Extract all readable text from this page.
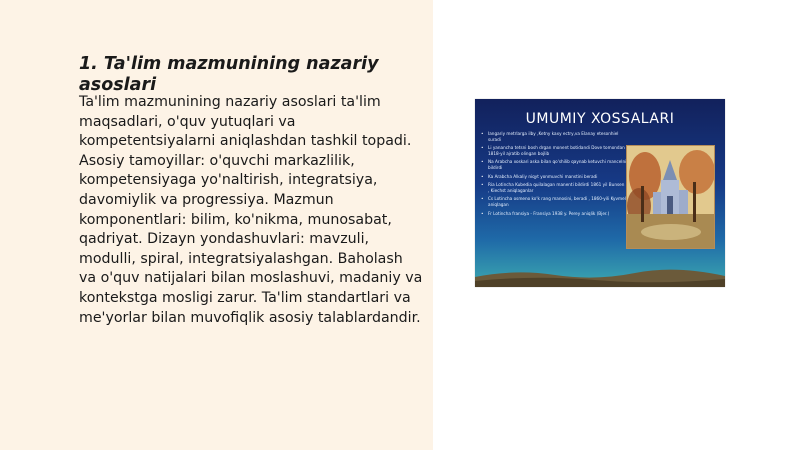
1. Ta'lim mazmunining nazariy asoslari

Ta'lim mazmunining nazariy asoslari ta'lim maqsadlari, o'quv yutuqlari va kompetentsiyalarni aniqlashdan tashkil topadi. Asosiy tamoyillar: o'quvchi markazlilik, kompetensiyaga yo'naltirish, integratsiya, davomiylik va progressiya. Mazmun komponentlari: bilim, ko'nikma, munosabat, qadriyat. Dizayn yondashuvlari: mavzuli, modulli, spiral, integratsiyalashgan. Baholash va o'quv natijalari bilan moslashuvi, madaniy va kontekstga mosligi zarur. Ta'lim standartlari va me'yorlar bilan muvofiqlik asosiy talablardandir.

UMUMIY XOSSALARI
• Iangariy metrlarga ilby ,Ketny kaxy ectry,va Elanay etesonhiel suradi
• Li yanancha tetsni bosh drgan monent botidandi Dove tomondan 1818-yil ajratib olingan bojlib
• Na Arabcha xoskari aska bilan qo'shilib qaynab ketuvchi mancelni bildirdi
• Ka Arabcha Alkaliy niqyt yonmuvchi manstini beradi
• Ria Lotincha Kubedia quilalagan manenti bildirdi 1861 yil Bunsen , Kiechst aniqlaganlar
• Cs Lotincha osmeno ko'k rang manosini, beradi , 1860-yili Kyvmel aniqlagan
• Fr Lotincha fransiya - Fransiya 1938 y. Perey aniqlik (Bjer.)
